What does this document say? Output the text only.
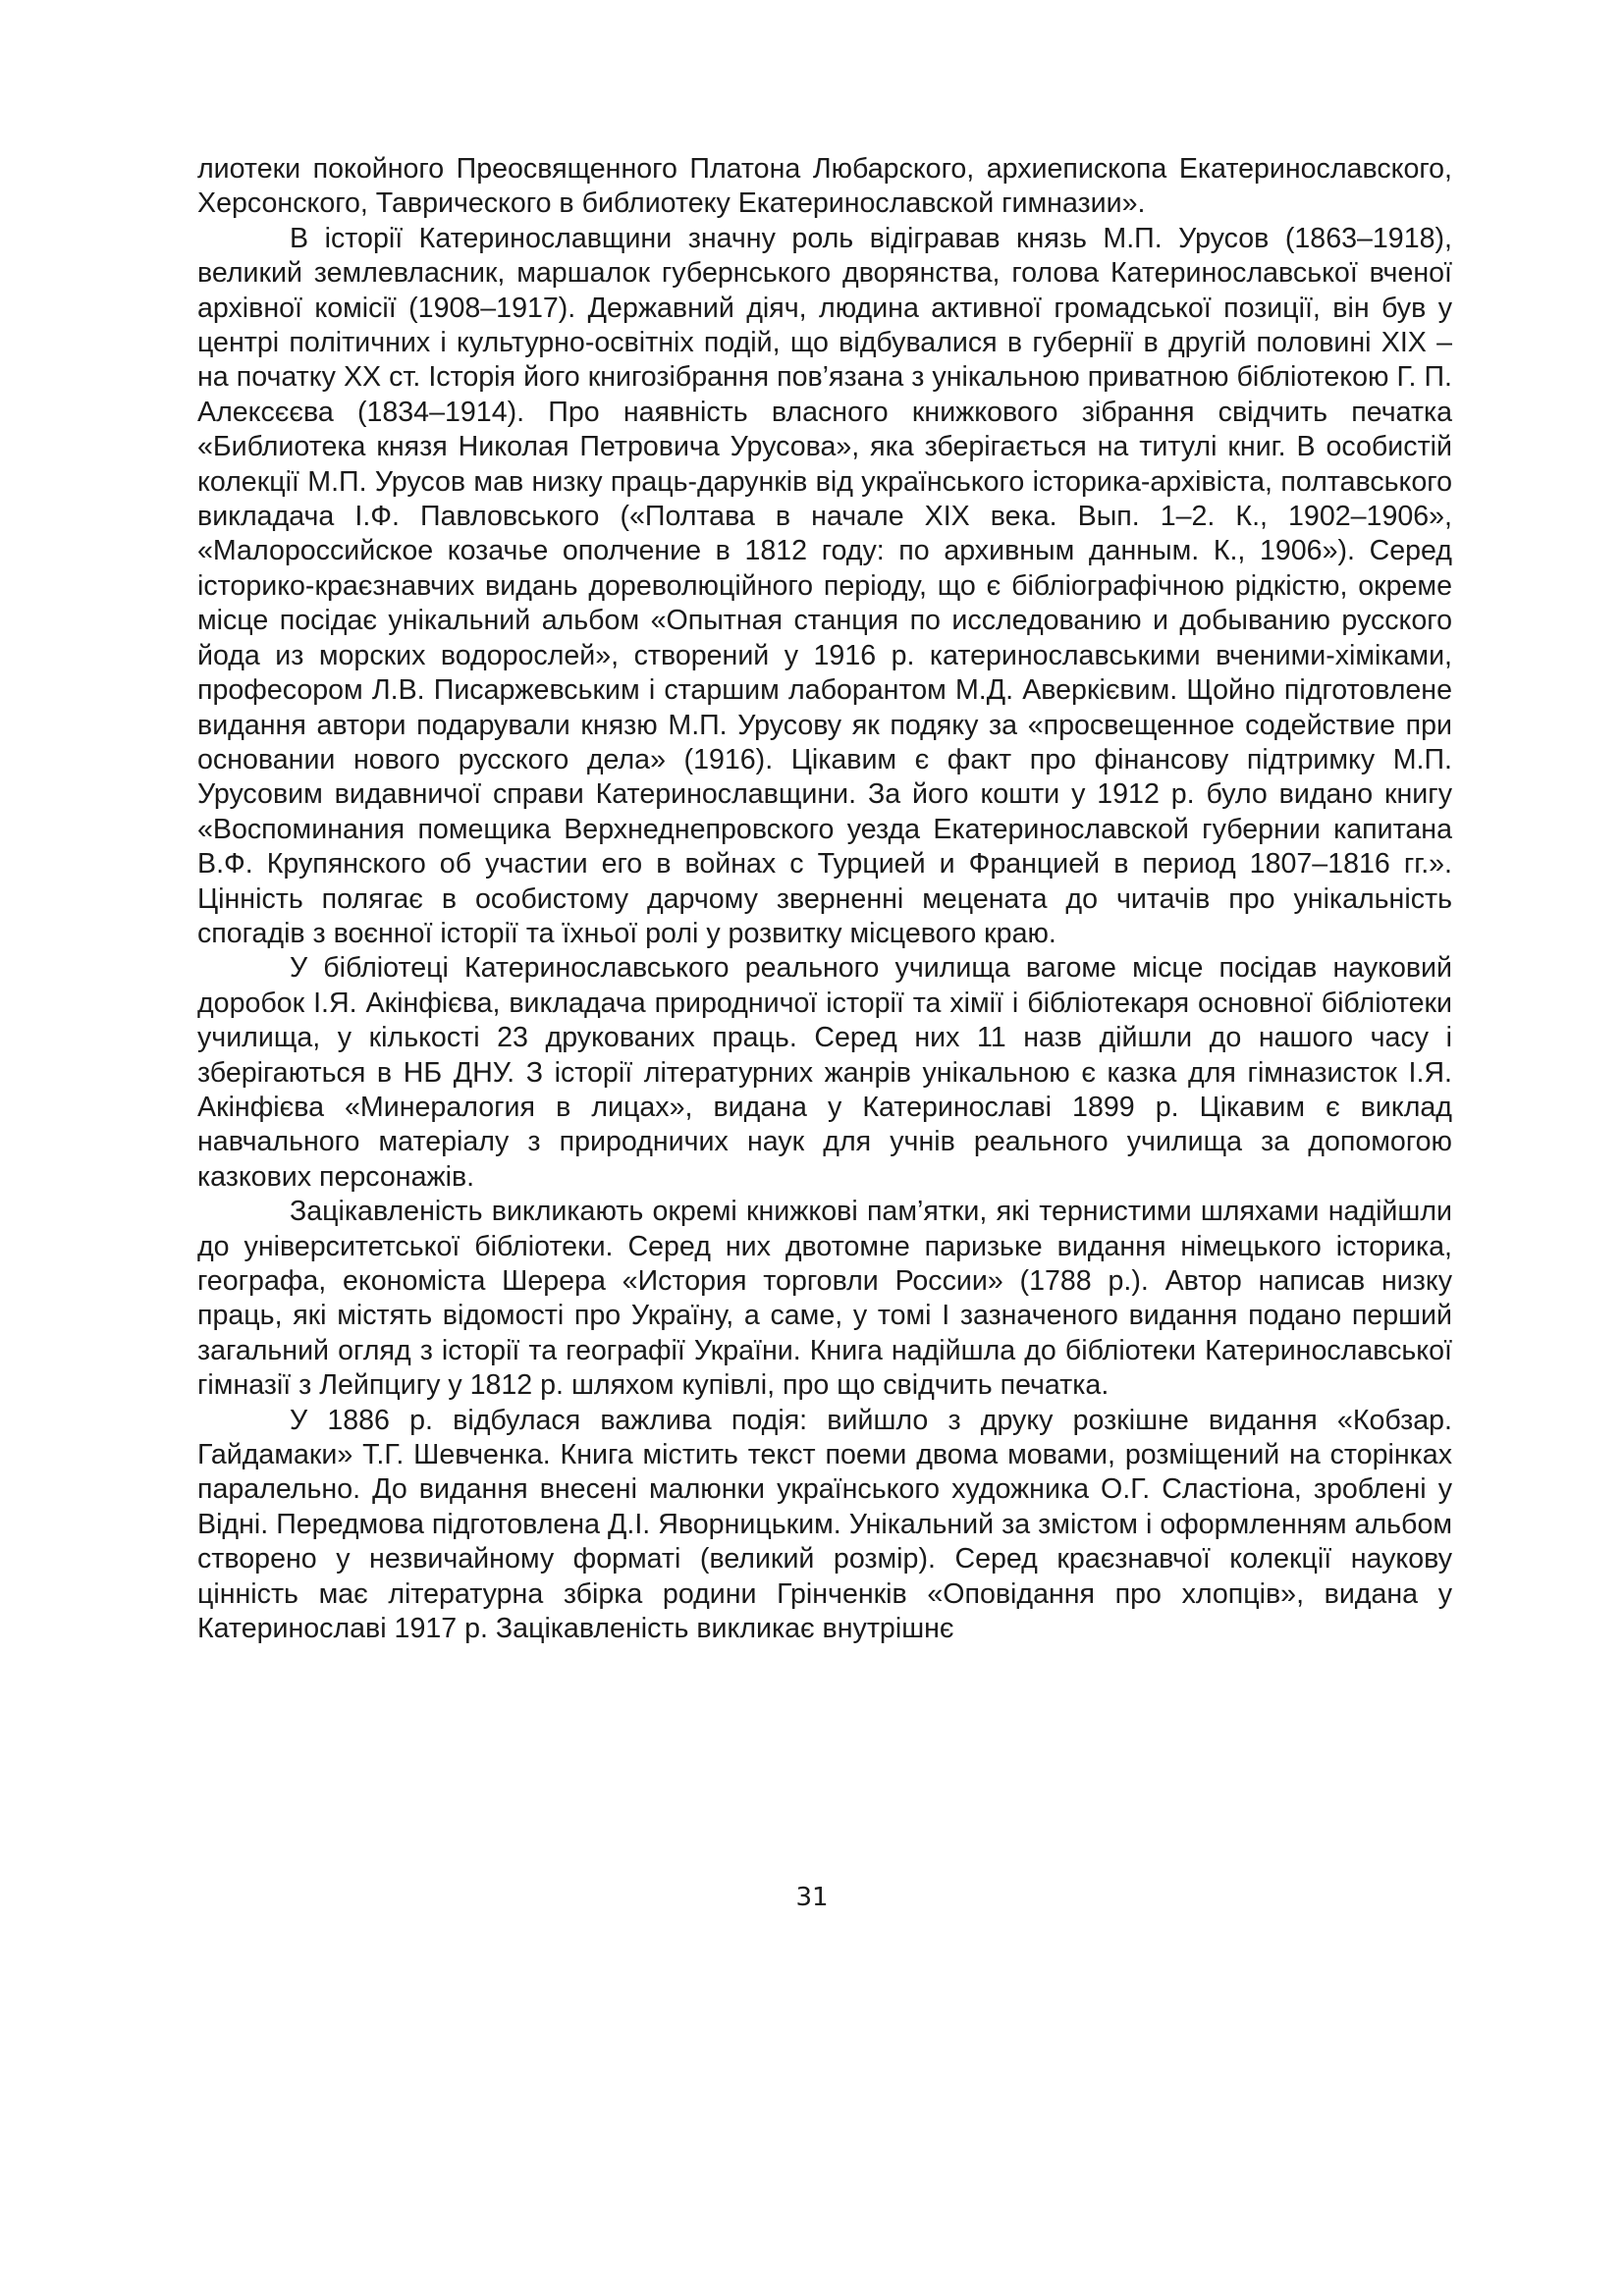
лиотеки покойного Преосвященного Платона Любарского, архиепископа Екатеринославского, Херсонского, Таврического в библиотеку Екатеринославской гимназии».

В історії Катеринославщини значну роль відігравав князь М.П. Урусов (1863–1918), великий землевласник, маршалок губернського дворянства, голова Катеринославської вченої архівної комісії (1908–1917). Державний діяч, людина активної громадської позиції, він був у центрі політичних і культурно-освітніх подій, що відбувалися в губернії в другій половині XIX – на початку XX ст. Історія його книгозібрання пов’язана з унікальною приватною бібліотекою Г. П. Алексєєва (1834–1914). Про наявність власного книжкового зібрання свідчить печатка «Библиотека князя Николая Петровича Урусова», яка зберігається на титулі книг. В особистій колекції М.П. Урусов мав низку праць-дарунків від українського історика-архівіста, полтавського викладача І.Ф. Павловського («Полтава в начале XIX века. Вып. 1–2. К., 1902–1906», «Малороссийское козачье ополчение в 1812 году: по архивным данным. К., 1906»). Серед історико-краєзнавчих видань дореволюційного періоду, що є бібліографічною рідкістю, окреме місце посідає унікальний альбом «Опытная станция по исследованию и добыванию русского йода из морских водорослей», створений у 1916 р. катеринославськими вченими-хіміками, професором Л.В. Писаржевським і старшим лаборантом М.Д. Аверкієвим. Щойно підготовлене видання автори подарували князю М.П. Урусову як подяку за «просвещенное содействие при основании нового русского дела» (1916). Цікавим є факт про фінансову підтримку М.П. Урусовим видавничої справи Катеринославщини. За його кошти у 1912 р. було видано книгу «Воспоминания помещика Верхнеднепровского уезда Екатеринославской губернии капитана В.Ф. Крупянского об участии его в войнах с Турцией и Францией в период 1807–1816 гг.». Цінність полягає в особистому дарчому зверненні мецената до читачів про унікальність спогадів з воєнної історії та їхньої ролі у розвитку місцевого краю.

У бібліотеці Катеринославського реального училища вагоме місце посідав науковий доробок І.Я. Акінфієва, викладача природничої історії та хімії і бібліотекаря основної бібліотеки училища, у кількості 23 друкованих праць. Серед них 11 назв дійшли до нашого часу і зберігаються в НБ ДНУ. З історії літературних жанрів унікальною є казка для гімназисток І.Я. Акінфієва «Минералогия в лицах», видана у Катеринославі 1899 р. Цікавим є виклад навчального матеріалу з природничих наук для учнів реального училища за допомогою казкових персонажів.

Зацікавленість викликають окремі книжкові пам’ятки, які тернистими шляхами надійшли до університетської бібліотеки. Серед них двотомне паризьке видання німецького історика, географа, економіста Шерера «История торговли России» (1788 р.). Автор написав низку праць, які містять відомості про Україну, а саме, у томі І зазначеного видання подано перший загальний огляд з історії та географії України. Книга надійшла до бібліотеки Катеринославської гімназії з Лейпцигу у 1812 р. шляхом купівлі, про що свідчить печатка.

У 1886 р. відбулася важлива подія: вийшло з друку розкішне видання «Кобзар. Гайдамаки» Т.Г. Шевченка. Книга містить текст поеми двома мовами, розміщений на сторінках паралельно. До видання внесені малюнки українського художника О.Г. Сластіона, зроблені у Відні. Передмова підготовлена Д.І. Яворницьким. Унікальний за змістом і оформленням альбом створено у незвичайному форматі (великий розмір). Серед краєзнавчої колекції наукову цінність має літературна збірка родини Грінченків «Оповідання про хлопців», видана у Катеринославі 1917 р. Зацікавленість викликає внутрішнє

31
